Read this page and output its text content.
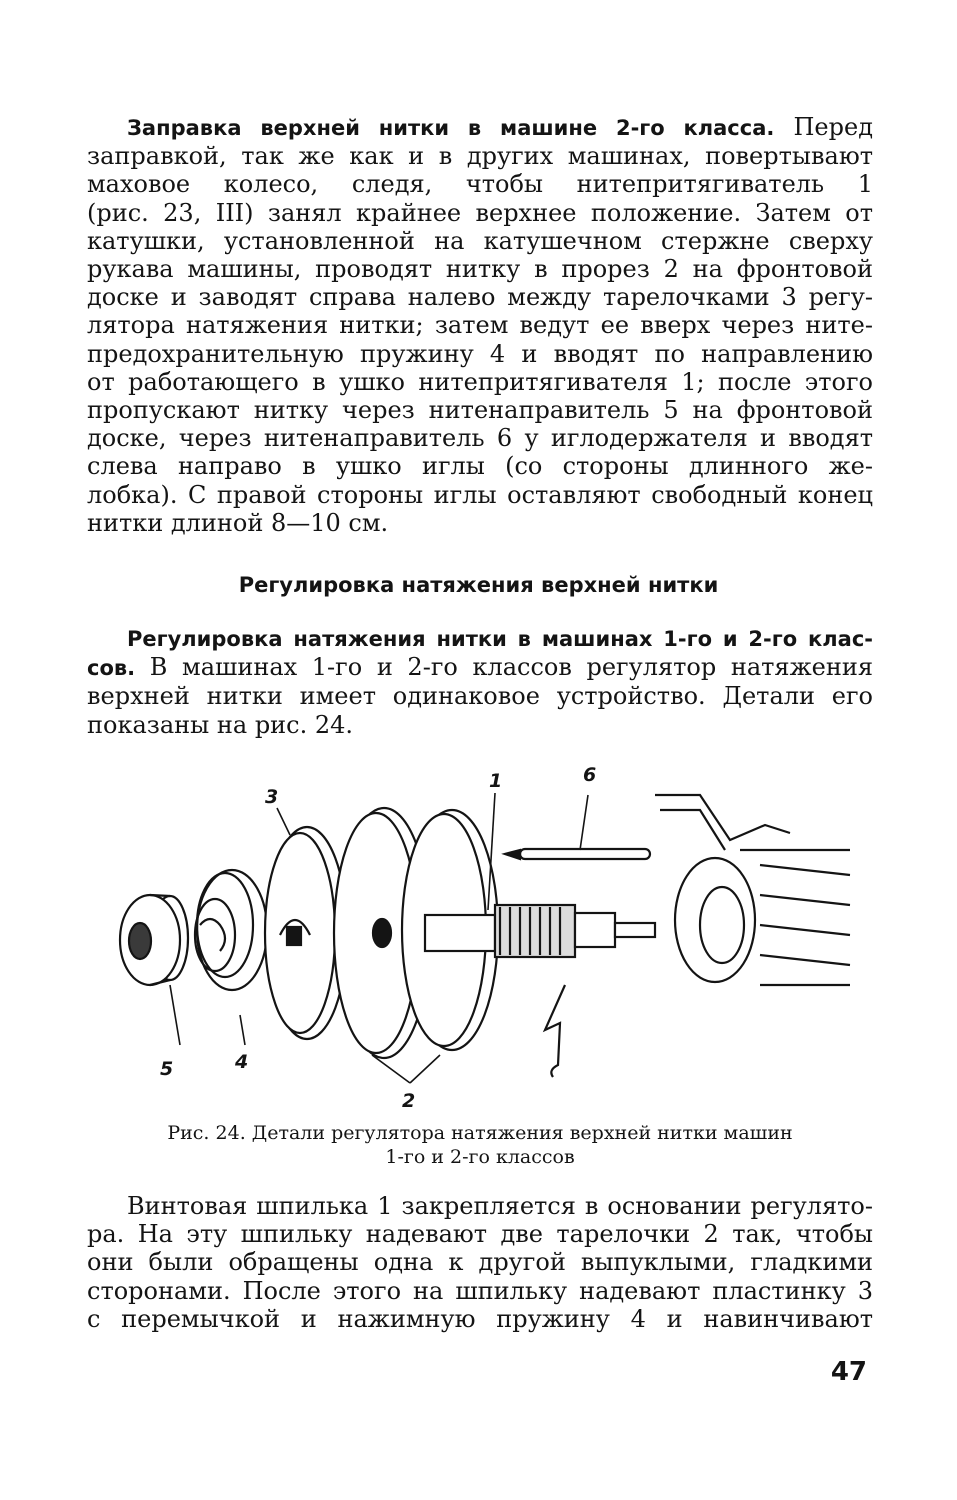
Заправка верхней нитки в машине 2-го класса. Перед
заправкой, так же как и в других машинах, повертывают
маховое колесо, следя, чтобы нитепритягиватель 1
(рис. 23, III) занял крайнее верхнее положение. Затем от
катушки, установленной на катушечном стержне сверху
рукава машины, проводят нитку в прорез 2 на фронтовой
доске и заводят справа налево между тарелочками 3 регу-
лятора натяжения нитки; затем ведут ее вверх через ните-
предохранительную пружину 4 и вводят по направлению
от работающего в ушко нитепритягивателя 1; после этого
пропускают нитку через нитенаправитель 5 на фронтовой
доске, через нитенаправитель 6 у иглодержателя и вводят
слева направо в ушко иглы (со стороны длинного же-
лобка). С правой стороны иглы оставляют свободный конец
нитки длиной 8—10 см.
Регулировка натяжения верхней нитки
Регулировка натяжения нитки в машинах 1-го и 2-го клас-
сов. В машинах 1-го и 2-го классов регулятор натяжения
верхней нитки имеет одинаковое устройство. Детали его
показаны на рис. 24.
1
2
3
4
5
6
Рис. 24. Детали регулятора натяжения верхней нитки машин
1-го и 2-го классов
Винтовая шпилька 1 закрепляется в основании регулято-
ра. На эту шпильку надевают две тарелочки 2 так, чтобы
они были обращены одна к другой выпуклыми, гладкими
сторонами. После этого на шпильку надевают пластинку 3
с перемычкой и нажимную пружину 4 и навинчивают
47
